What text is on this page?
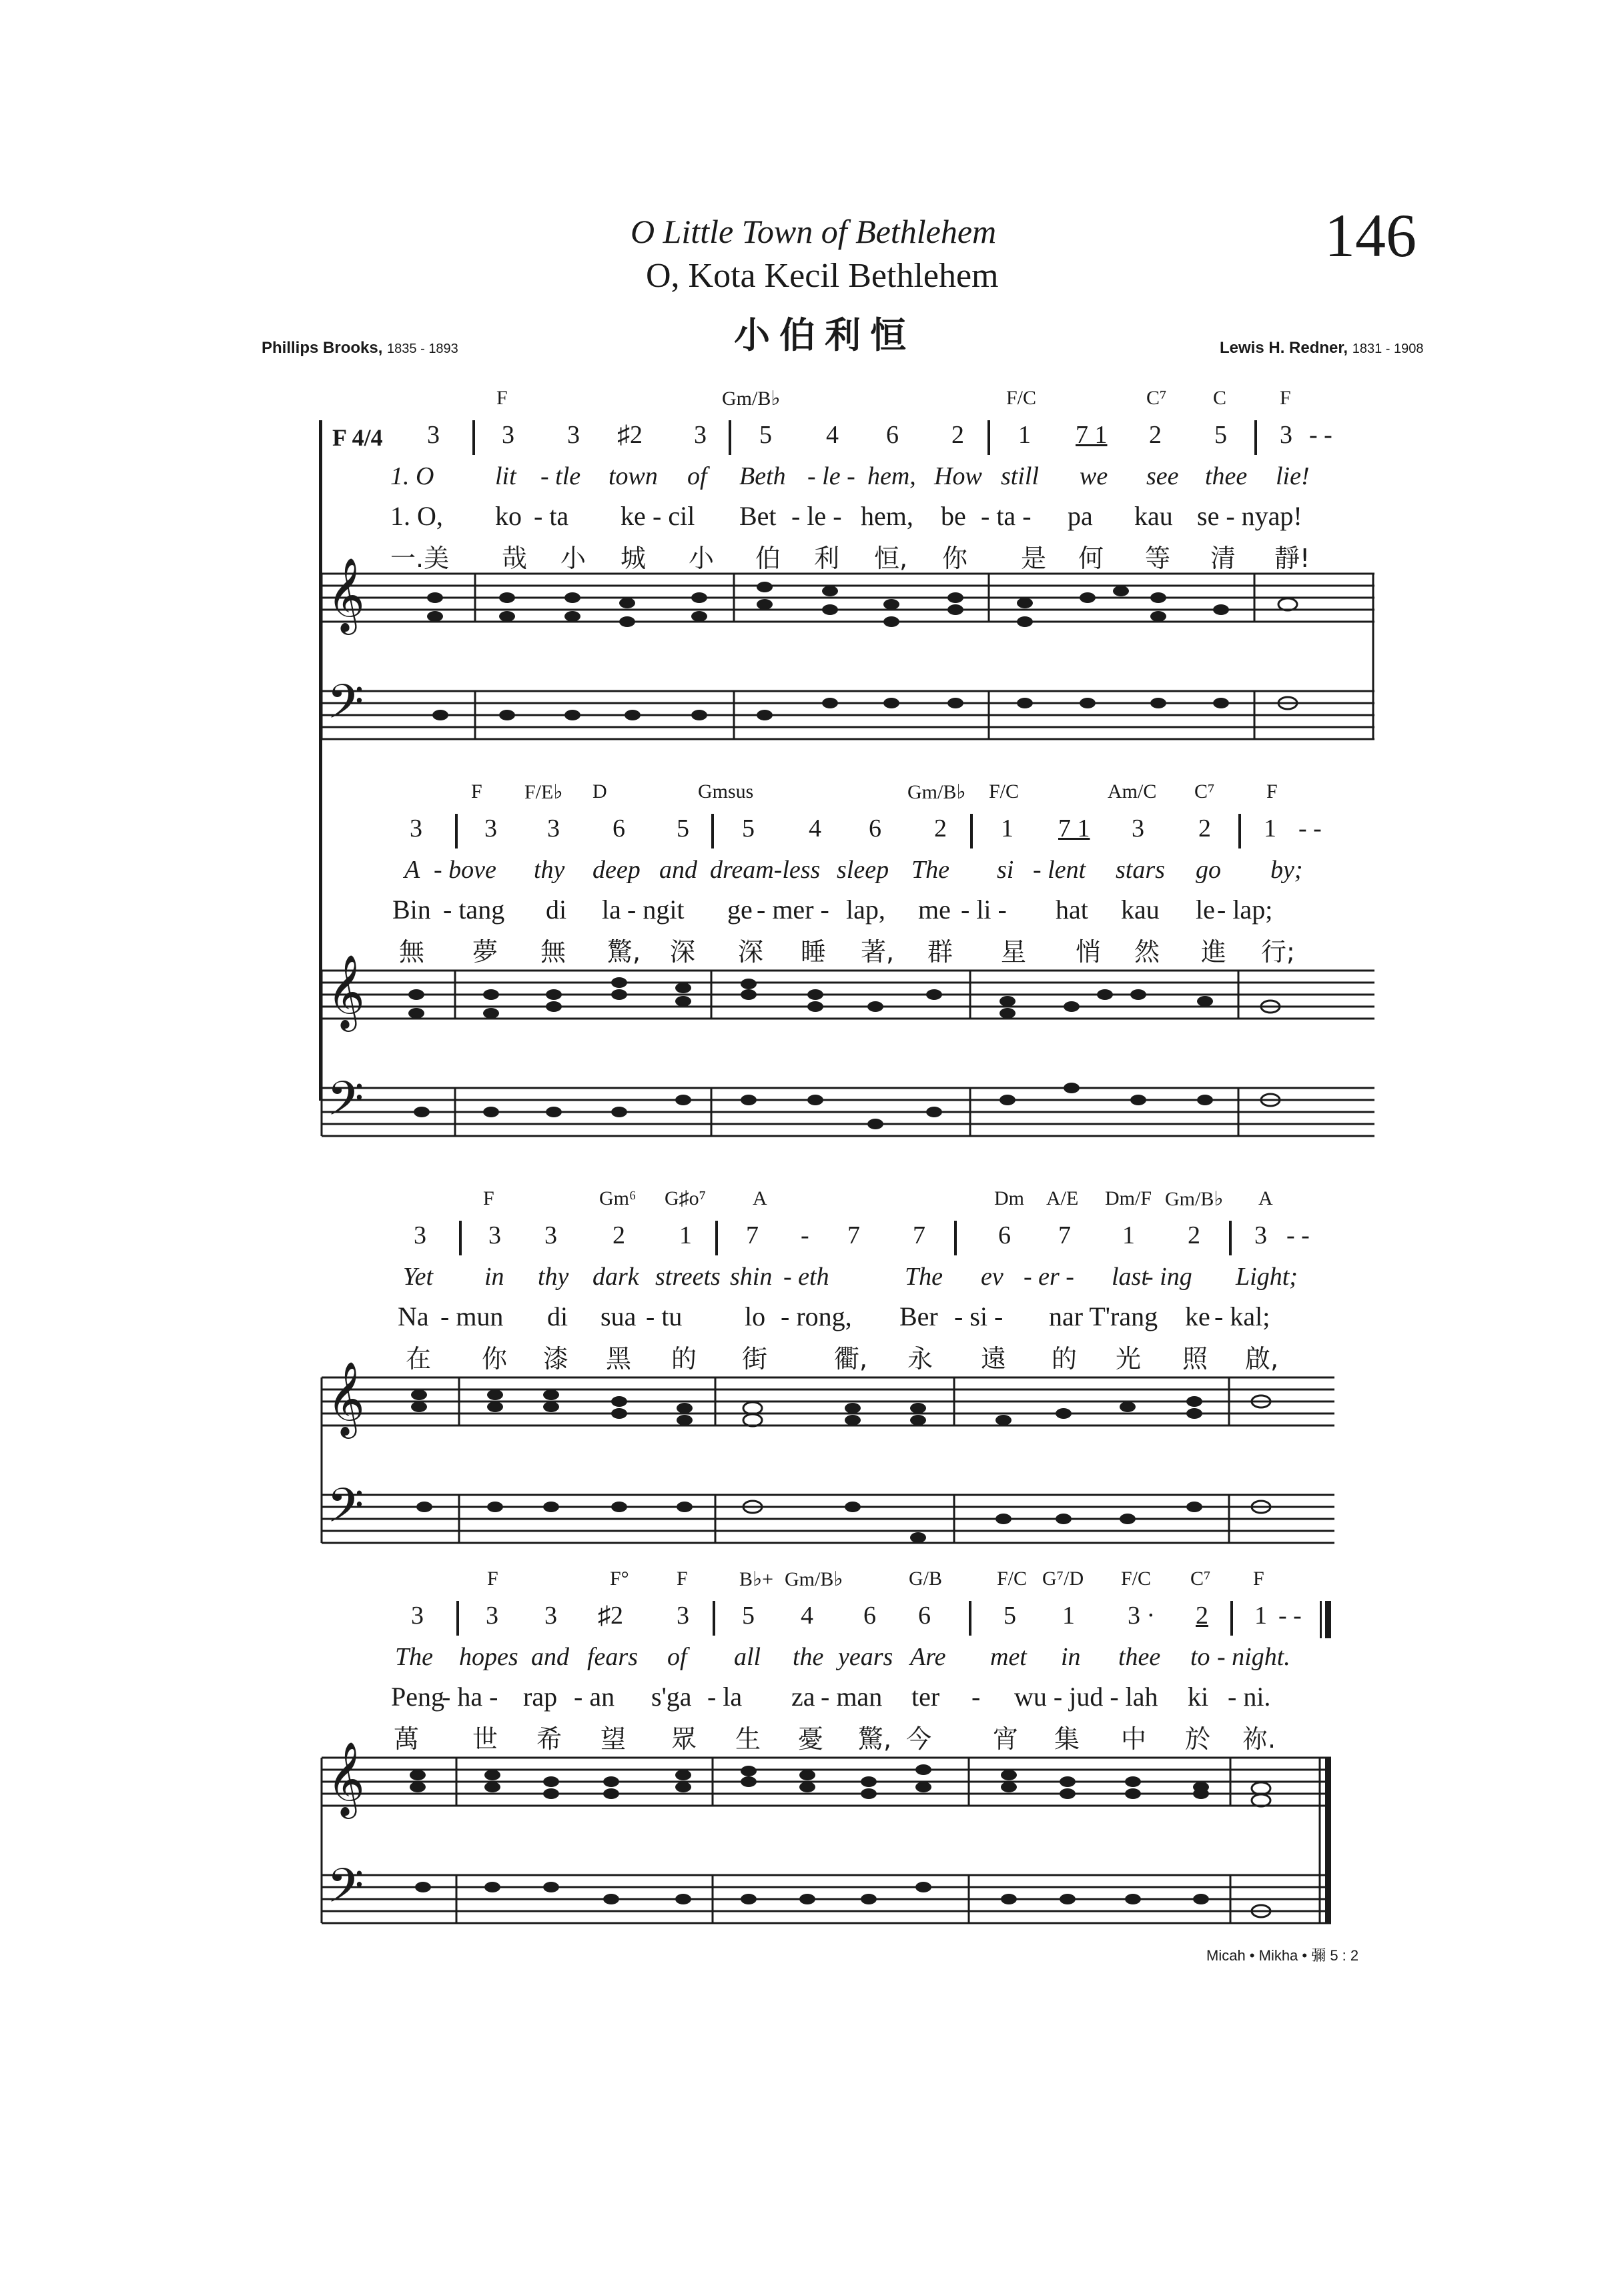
O Little Town of Bethlehem
O, Kota Kecil Bethlehem
小伯利恒
146
Phillips Brooks, 1835 - 1893	Lewis H. Redner, 1831 - 1908
F	Gm/B♭	F/C	C⁷ C	F
F 4/4 3 3 3 ♯2 3 5 4 6 2 1 7 1 2 5 3 - -
1. O lit - tle town of Beth - le - hem, How still we see thee lie!
1. O, ko - ta ke - cil Bet - le - hem, be - ta - pa kau se - nyap!
一.美 哉 小 城 小 伯 利 恒, 你 是 何 等 清 靜!
𝄞
𝄢
F F/E♭ D	Gmsus	Gm/B♭ F/C	Am/C C⁷	F
3 3 3 6 5 5 4 6 2 1 7 1 3 2 1 - -
A - bove thy deep and dream-less sleep The si - lent stars go by;
Bin - tang di la - ngit ge - mer - lap, me - li - hat kau le - lap;
無 夢 無 驚, 深 深 睡 著, 群 星 悄 然 進 行;
𝄞
𝄢
F	Gm⁶ G♯o⁷ A	Dm A/E Dm/F Gm/B♭ A
3 3 3 2 1 7 - 7 7	6 7 1 2 3 - -
Yet in thy dark streets shin - eth	The ev - er - last
- ing Light;
Na - mun di sua - tu lo - rong, Ber - si - nar T'rang ke - kal;
在 你 漆 黑 的 街	衢, 永 遠 的 光 照 啟,
𝄞
𝄢
F	F° F	B♭+ Gm/B♭	G/B	F/C G⁷/D F/C C⁷ F
3 3 3 ♯2 3 5 4 6 6	5 1 3 · 2 1 - -
The hopes and fears of all the years Are met in thee to - night.
Peng
- ha - rap - an s'ga - la za - man ter - wu - jud - lah ki - ni.
萬 世 希 望 眾 生 憂 驚, 今 宵 集 中 於 祢.
𝄞
𝄢
Micah • Mikha • 彌 5 : 2
